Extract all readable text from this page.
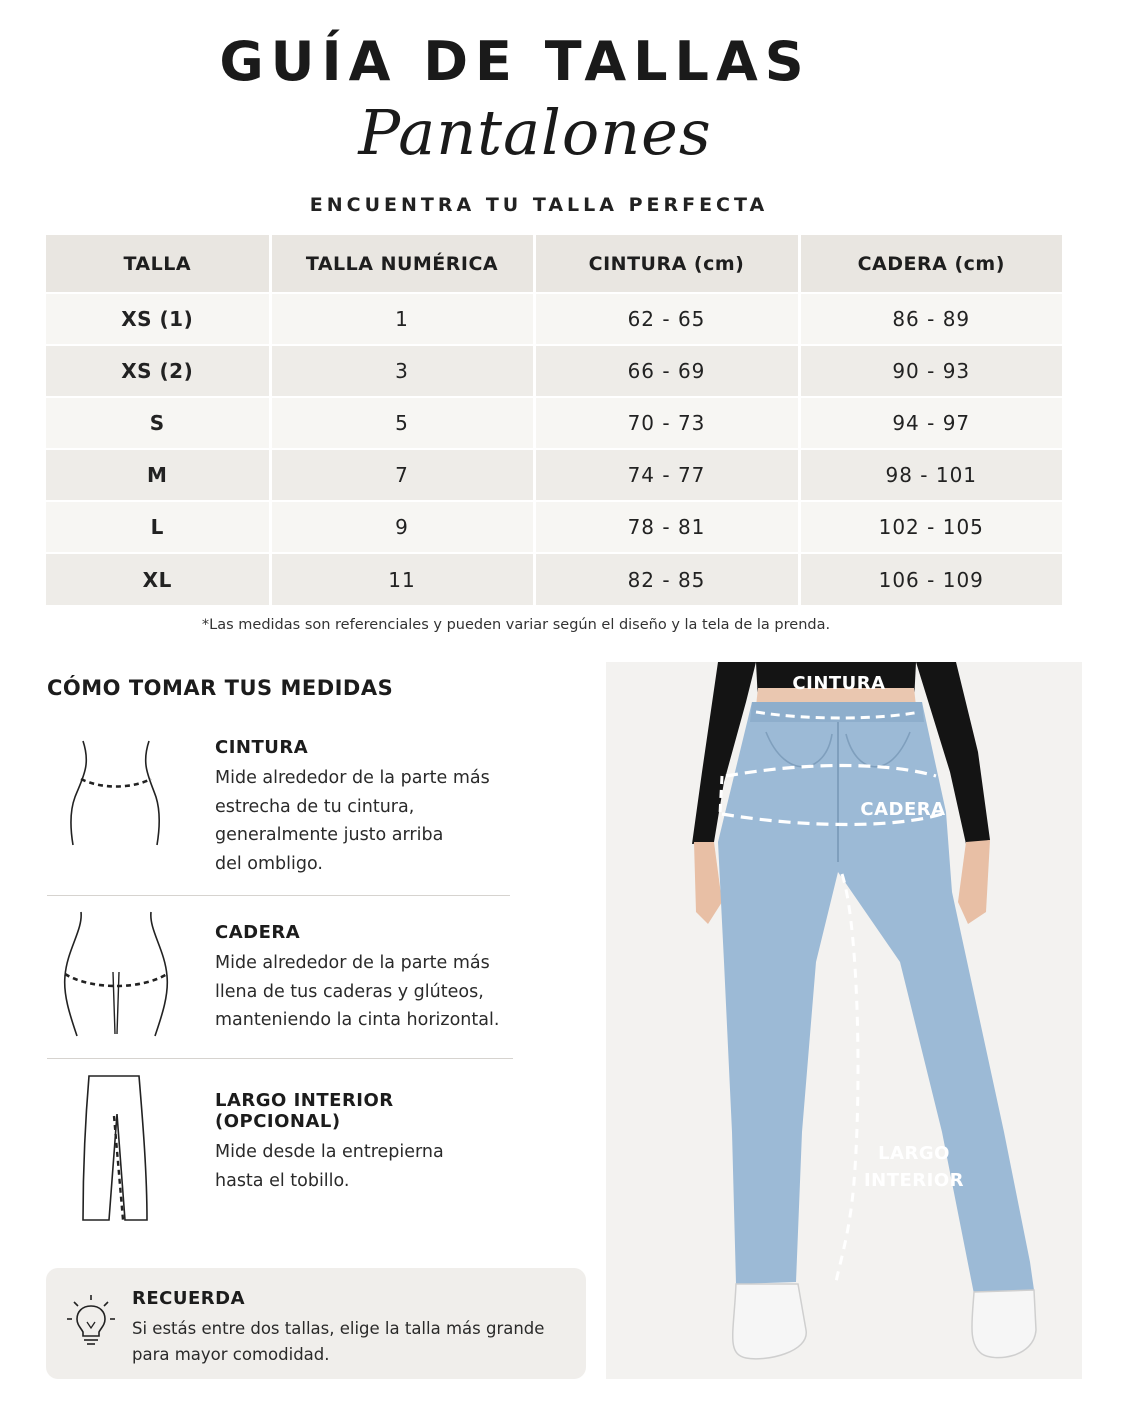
GUÍA DE TALLAS
Pantalones
ENCUENTRA TU TALLA PERFECTA
TALLA	TALLA NUMÉRICA	CINTURA (cm)	CADERA (cm)
XS (1)	1	62 - 65	86 - 89
XS (2)	3	66 - 69	90 - 93
S	5	70 - 73	94 - 97
M	7	74 - 77	98 - 101
L	9	78 - 81	102 - 105
XL	11	82 - 85	106 - 109
*Las medidas son referenciales y pueden variar según el diseño y la tela de la prenda.
CÓMO TOMAR TUS MEDIDAS
CINTURA
Mide alrededor de la parte más
estrecha de tu cintura,
generalmente justo arriba
del ombligo.
CADERA
Mide alrededor de la parte más
llena de tus caderas y glúteos,
manteniendo la cinta horizontal.
LARGO INTERIOR (OPCIONAL)
Mide desde la entrepierna
hasta el tobillo.
RECUERDA
Si estás entre dos tallas, elige la talla más grande para mayor comodidad.
CINTURA
CADERA
LARGO
INTERIOR
